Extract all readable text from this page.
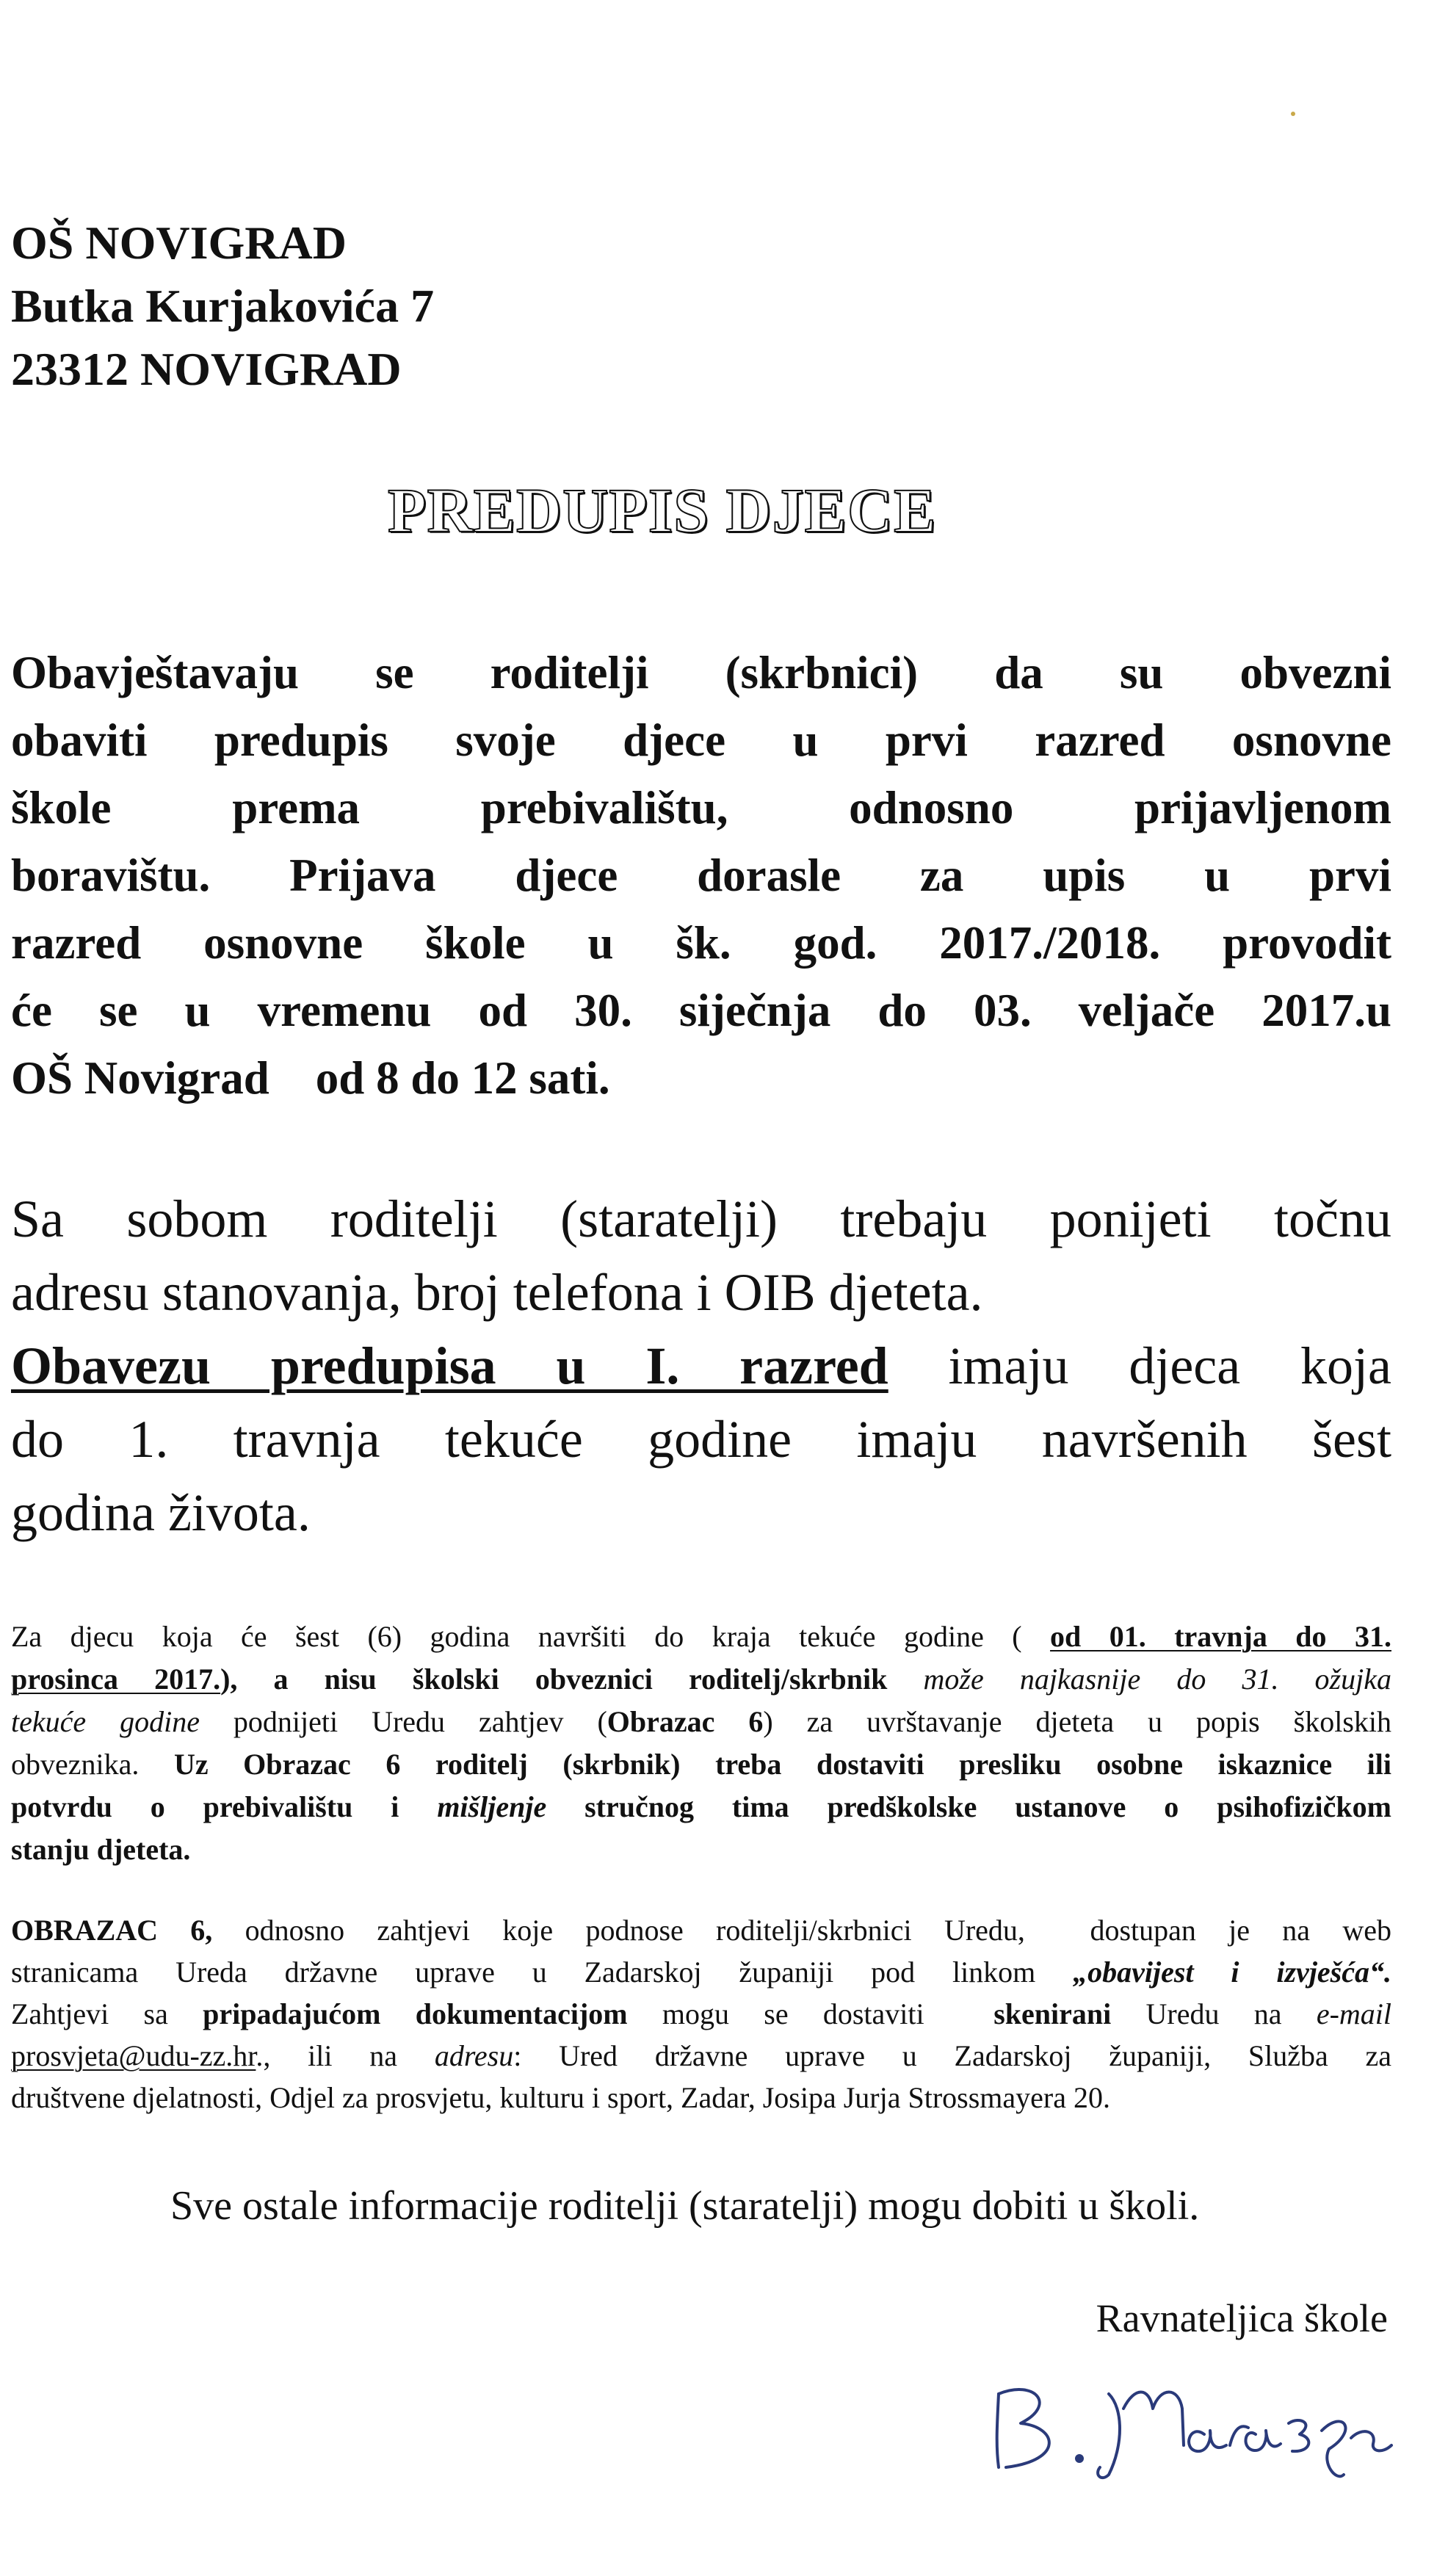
OŠ NOVIGRAD
Butka Kurjakovića 7
23312 NOVIGRAD
PREDUPIS DJECE
Obavještavaju se roditelji (skrbnici) da su obvezni
obaviti predupis svoje djece u prvi razred osnovne
škole prema prebivalištu, odnosno prijavljenom
boravištu. Prijava djece dorasle za upis u prvi
razred osnovne škole u šk. god. 2017./2018. provodit
će se u vremenu od 30. siječnja do 03. veljače 2017.u
OŠ Novigrad    od 8 do 12 sati.
Sa sobom roditelji (staratelji) trebaju ponijeti točnu
adresu stanovanja, broj telefona i OIB djeteta.
Obavezu predupisa u I. razred imaju djeca koja
do 1. travnja tekuće godine imaju navršenih šest
godina života.
Za djecu koja će šest (6) godina navršiti do kraja tekuće godine ( od 01. travnja do 31.
prosinca 2017.), a nisu školski obveznici roditelj/skrbnik može najkasnije do 31. ožujka
tekuće godine podnijeti Uredu zahtjev (Obrazac 6) za uvrštavanje djeteta u popis školskih
obveznika. Uz Obrazac 6 roditelj (skrbnik) treba dostaviti presliku osobne iskaznice ili
potvrdu o prebivalištu i mišljenje stručnog tima predškolske ustanove o psihofizičkom
stanju djeteta.
OBRAZAC 6, odnosno zahtjevi koje podnose roditelji/skrbnici Uredu,  dostupan je na web
stranicama Ureda državne uprave u Zadarskoj županiji pod linkom „obavijest i izvješća“.
Zahtjevi sa pripadajućom dokumentacijom mogu se dostaviti  skenirani Uredu na e-mail
prosvjeta@udu-zz.hr., ili na adresu: Ured državne uprave u Zadarskoj županiji, Služba za
društvene djelatnosti, Odjel za prosvjetu, kulturu i sport, Zadar, Josipa Jurja Strossmayera 20.
Sve ostale informacije roditelji (staratelji) mogu dobiti u školi.
Ravnateljica škole
